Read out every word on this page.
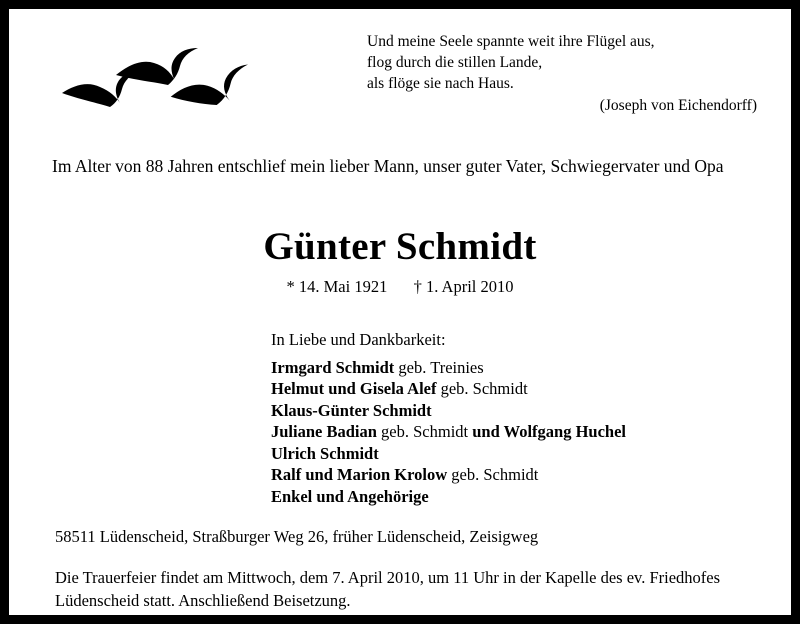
Und meine Seele spannte weit ihre Flügel aus,
flog durch die stillen Lande,
als flöge sie nach Haus.
(Joseph von Eichendorff)
Im Alter von 88 Jahren entschlief mein lieber Mann, unser guter Vater, Schwiegervater und Opa
Günter Schmidt
* 14. Mai 1921 † 1. April 2010
In Liebe und Dankbarkeit:
Irmgard Schmidt geb. Treinies
Helmut und Gisela Alef geb. Schmidt
Klaus-Günter Schmidt
Juliane Badian geb. Schmidt und Wolfgang Huchel
Ulrich Schmidt
Ralf und Marion Krolow geb. Schmidt
Enkel und Angehörige
58511 Lüdenscheid, Straßburger Weg 26, früher Lüdenscheid, Zeisigweg
Die Trauerfeier findet am Mittwoch, dem 7. April 2010, um 11 Uhr in der Kapelle des ev. Friedhofes Lüdenscheid statt. Anschließend Beisetzung.
